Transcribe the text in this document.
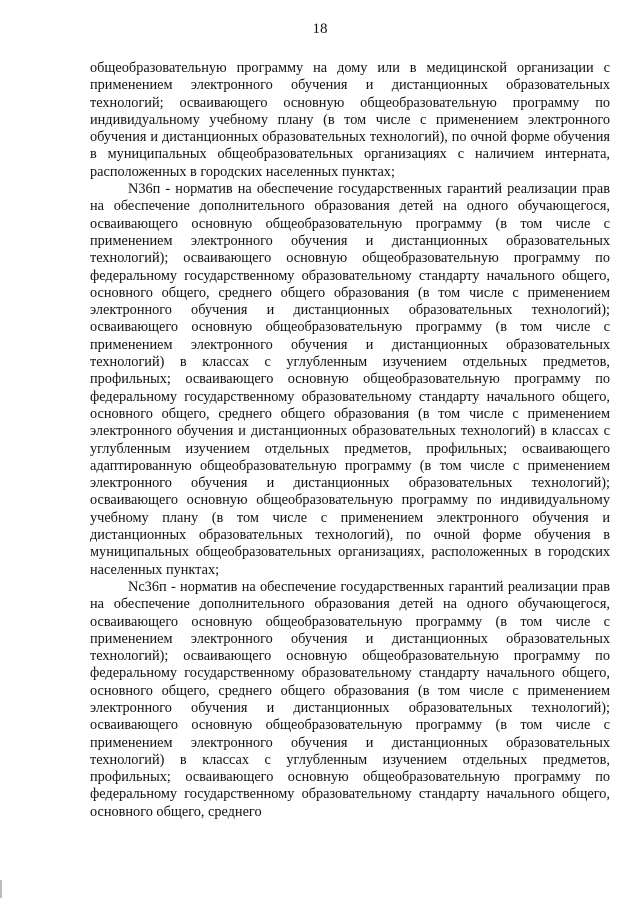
18

общеобразовательную программу на дому или в медицинской организации с применением электронного обучения и дистанционных образовательных технологий; осваивающего основную общеобразовательную программу по индивидуальному учебному плану (в том числе с применением электронного обучения и дистанционных образовательных технологий), по очной форме обучения в муниципальных общеобразовательных организациях с наличием интерната, расположенных в городских населенных пунктах;

N36п - норматив на обеспечение государственных гарантий реализации прав на обеспечение дополнительного образования детей на одного обучающегося, осваивающего основную общеобразовательную программу (в том числе с применением электронного обучения и дистанционных образовательных технологий); осваивающего основную общеобразовательную программу по федеральному государственному образовательному стандарту начального общего, основного общего, среднего общего образования (в том числе с применением электронного обучения и дистанционных образовательных технологий); осваивающего основную общеобразовательную программу (в том числе с применением электронного обучения и дистанционных образовательных технологий) в классах с углубленным изучением отдельных предметов, профильных; осваивающего основную общеобразовательную программу по федеральному государственному образовательному стандарту начального общего, основного общего, среднего общего образования (в том числе с применением электронного обучения и дистанционных образовательных технологий) в классах с углубленным изучением отдельных предметов, профильных; осваивающего адаптированную общеобразовательную программу (в том числе с применением электронного обучения и дистанционных образовательных технологий); осваивающего основную общеобразовательную программу по индивидуальному учебному плану (в том числе с применением электронного обучения и дистанционных образовательных технологий), по очной форме обучения в муниципальных общеобразовательных организациях, расположенных в городских населенных пунктах;

Nс36п - норматив на обеспечение государственных гарантий реализации прав на обеспечение дополнительного образования детей на одного обучающегося, осваивающего основную общеобразовательную программу (в том числе с применением электронного обучения и дистанционных образовательных технологий); осваивающего основную общеобразовательную программу по федеральному государственному образовательному стандарту начального общего, основного общего, среднего общего образования (в том числе с применением электронного обучения и дистанционных образовательных технологий); осваивающего основную общеобразовательную программу (в том числе с применением электронного обучения и дистанционных образовательных технологий) в классах с углубленным изучением отдельных предметов, профильных; осваивающего основную общеобразовательную программу по федеральному государственному образовательному стандарту начального общего, основного общего, среднего
